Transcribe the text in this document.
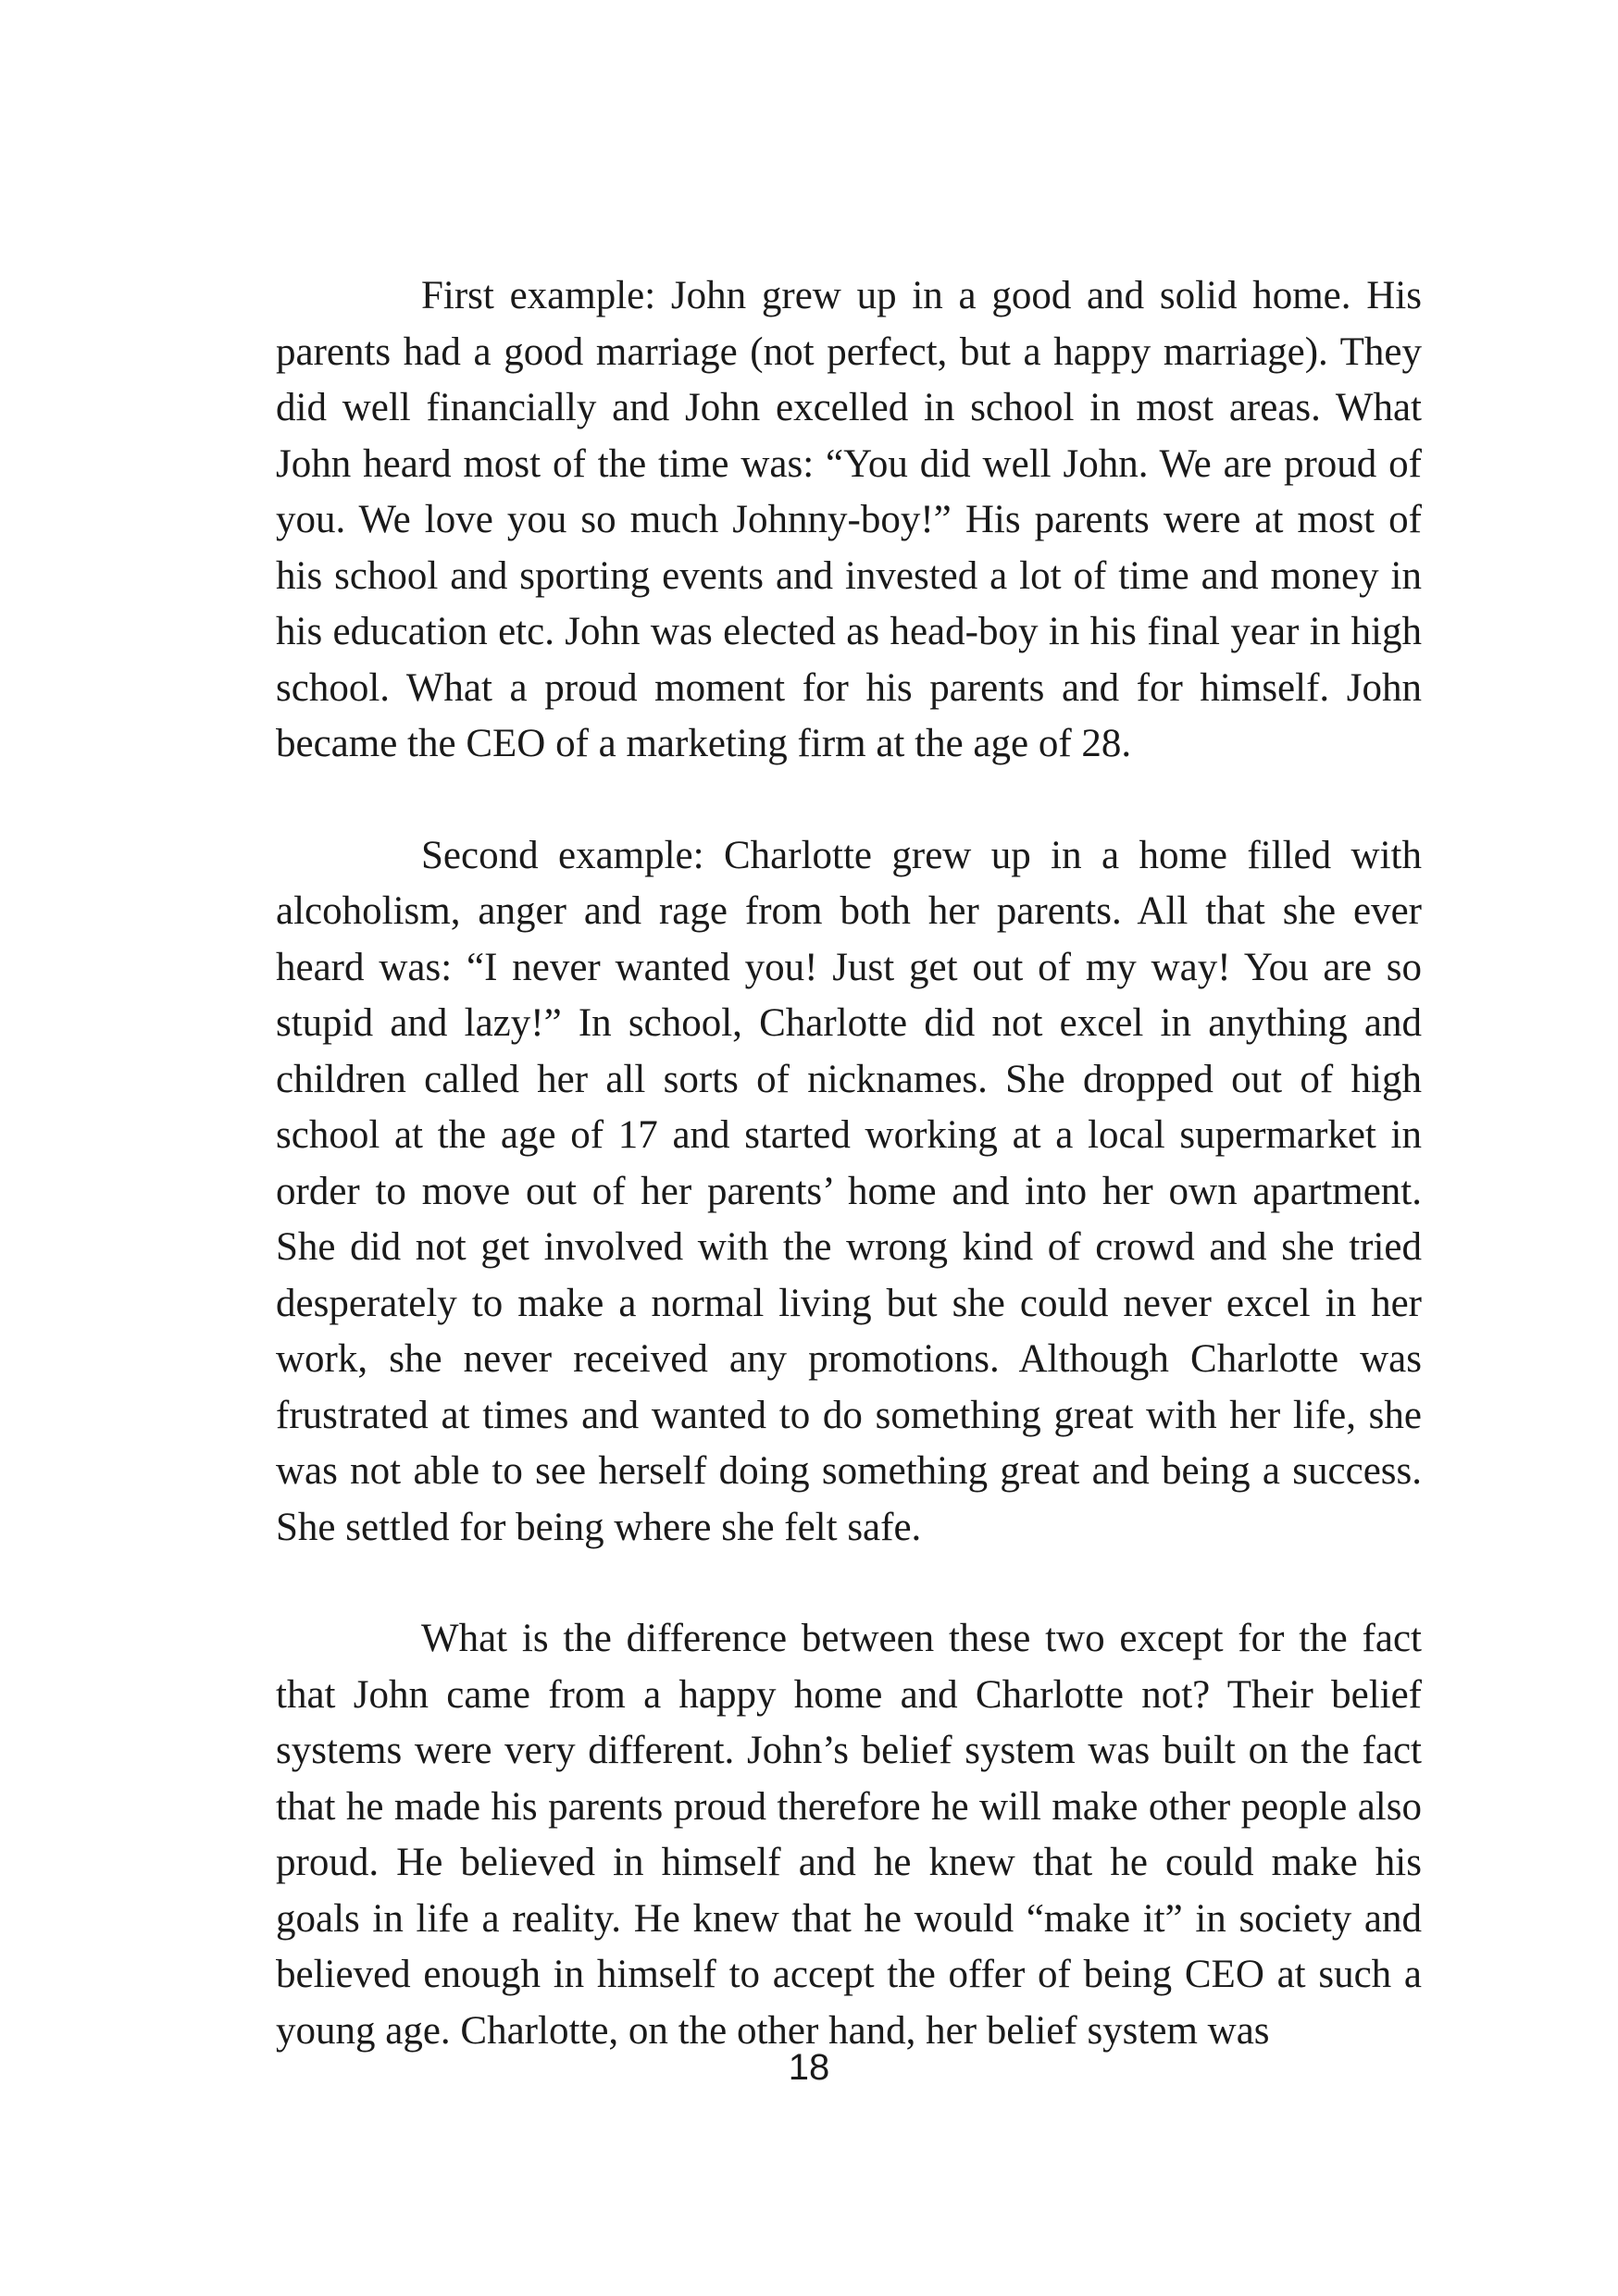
First example: John grew up in a good and solid home. His parents had a good marriage (not perfect, but a happy marriage). They did well financially and John excelled in school in most areas. What John heard most of the time was: “You did well John. We are proud of you. We love you so much Johnny-boy!” His parents were at most of his school and sporting events and invested a lot of time and money in his education etc. John was elected as head-boy in his final year in high school. What a proud moment for his parents and for himself. John became the CEO of a marketing firm at the age of 28.

Second example: Charlotte grew up in a home filled with alcoholism, anger and rage from both her parents. All that she ever heard was: “I never wanted you! Just get out of my way! You are so stupid and lazy!” In school, Charlotte did not excel in anything and children called her all sorts of nicknames. She dropped out of high school at the age of 17 and started working at a local supermarket in order to move out of her parents’ home and into her own apartment. She did not get involved with the wrong kind of crowd and she tried desperately to make a normal living but she could never excel in her work, she never received any promotions. Although Charlotte was frustrated at times and wanted to do something great with her life, she was not able to see herself doing something great and being a success. She settled for being where she felt safe.

What is the difference between these two except for the fact that John came from a happy home and Charlotte not? Their belief systems were very different. John’s belief system was built on the fact that he made his parents proud therefore he will make other people also proud. He believed in himself and he knew that he could make his goals in life a reality. He knew that he would “make it” in society and believed enough in himself to accept the offer of being CEO at such a young age. Charlotte, on the other hand, her belief system was

18
